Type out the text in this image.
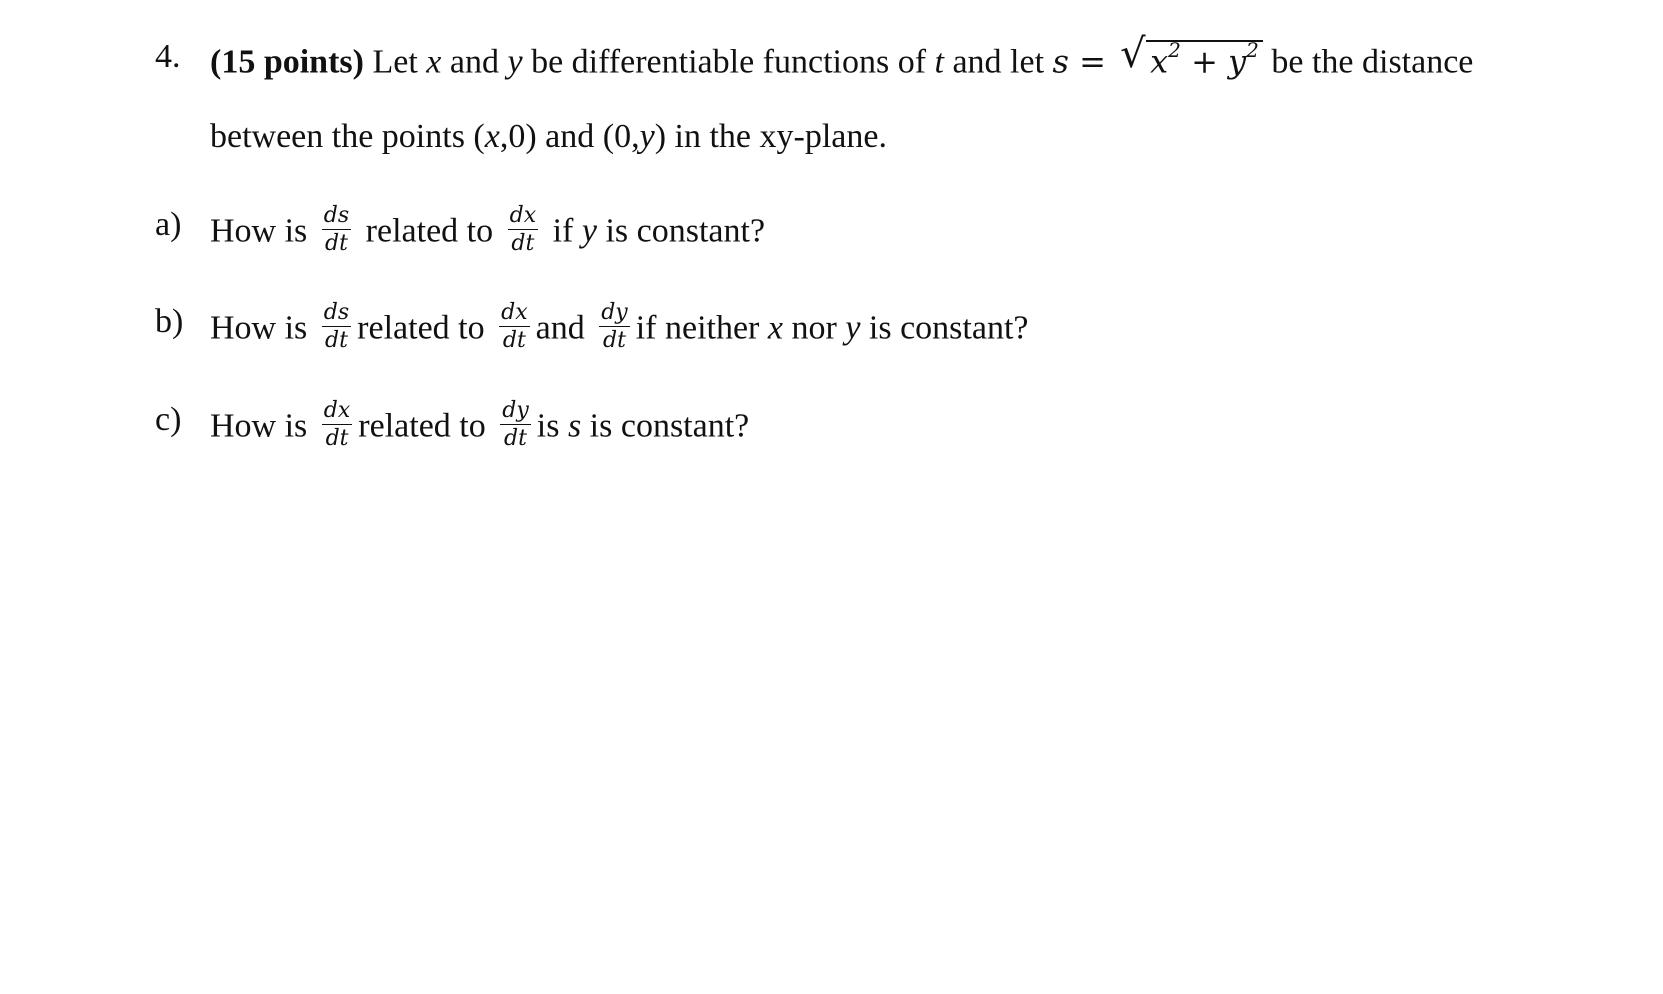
4. (15 points) Let x and y be differentiable functions of t and let s = √ $x^2 + y^2$ be the distance
between the points (x,0) and (0,y) in the xy-plane.
a) How is $\frac{ds}{dt}$ related to $\frac{dx}{dt}$ if y is constant?
b) How is $\frac{ds}{dt}$ related to $\frac{dx}{dt}$ and $\frac{dy}{dt}$ if neither x nor y is constant?
c) How is $\frac{dx}{dt}$ related to $\frac{dy}{dt}$ is s is constant?
